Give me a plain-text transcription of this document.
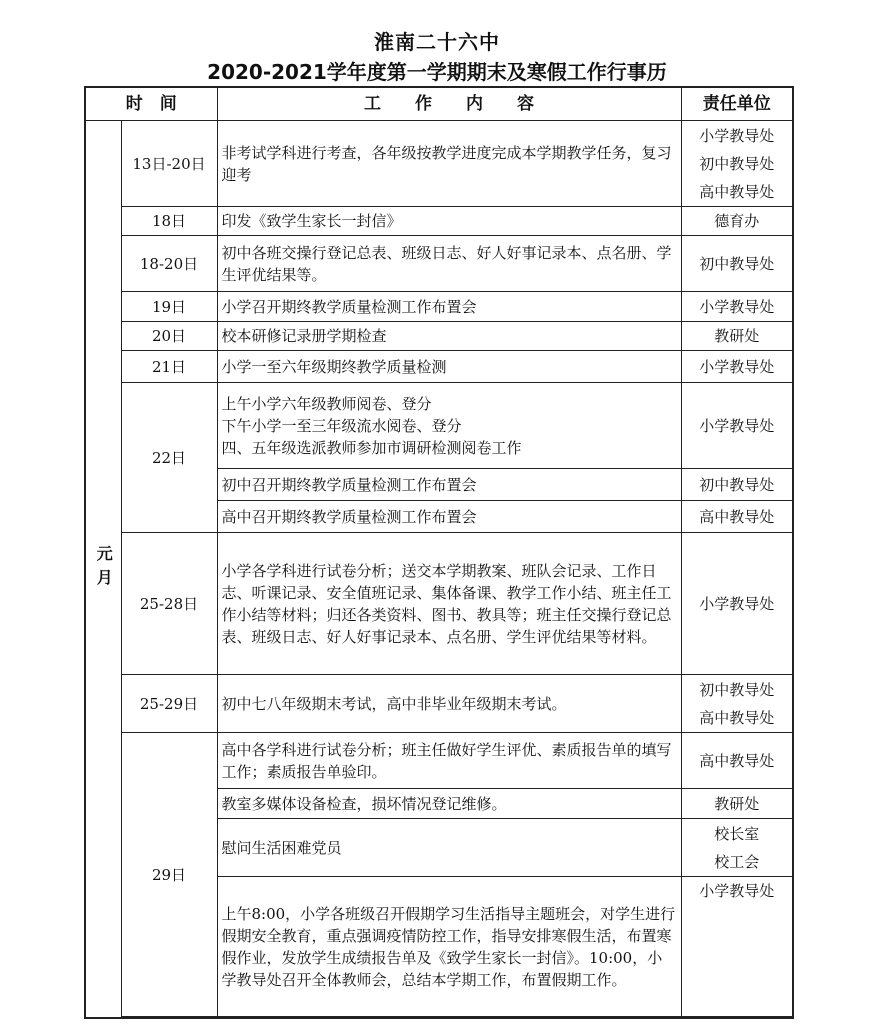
淮南二十六中
2020-2021学年度第一学期期末及寒假工作行事历
时　间		工　　作　　内　　容	责任单位

元月	13日-20日	非考试学科进行考查，各年级按教学进度完成本学期教学任务，复习迎考	小学教导处
初中教导处
高中教导处

	18日	印发《致学生家长一封信》	德育办

	18-20日	初中各班交操行登记总表、班级日志、好人好事记录本、点名册、学生评优结果等。	初中教导处

	19日	小学召开期终教学质量检测工作布置会	小学教导处

	20日	校本研修记录册学期检查	教研处

	21日	小学一至六年级期终教学质量检测	小学教导处

	22日	上午小学六年级教师阅卷、登分
下午小学一至三年级流水阅卷、登分
四、五年级选派教师参加市调研检测阅卷工作	小学教导处

		初中召开期终教学质量检测工作布置会	初中教导处

		高中召开期终教学质量检测工作布置会	高中教导处

	25-28日	小学各学科进行试卷分析；送交本学期教案、班队会记录、工作日志、听课记录、安全值班记录、集体备课、教学工作小结、班主任工作小结等材料；归还各类资料、图书、教具等；班主任交操行登记总表、班级日志、好人好事记录本、点名册、学生评优结果等材料。	小学教导处

	25-29日	初中七八年级期末考试，高中非毕业年级期末考试。	初中教导处
高中教导处

	29日	高中各学科进行试卷分析；班主任做好学生评优、素质报告单的填写工作；素质报告单验印。	高中教导处

		教室多媒体设备检查，损坏情况登记维修。	教研处

		慰问生活困难党员	校长室
校工会

		上午8:00，小学各班级召开假期学习生活指导主题班会，对学生进行假期安全教育，重点强调疫情防控工作，指导安排寒假生活，布置寒假作业，发放学生成绩报告单及《致学生家长一封信》。10:00，小学教导处召开全体教师会，总结本学期工作，布置假期工作。	小学教导处
